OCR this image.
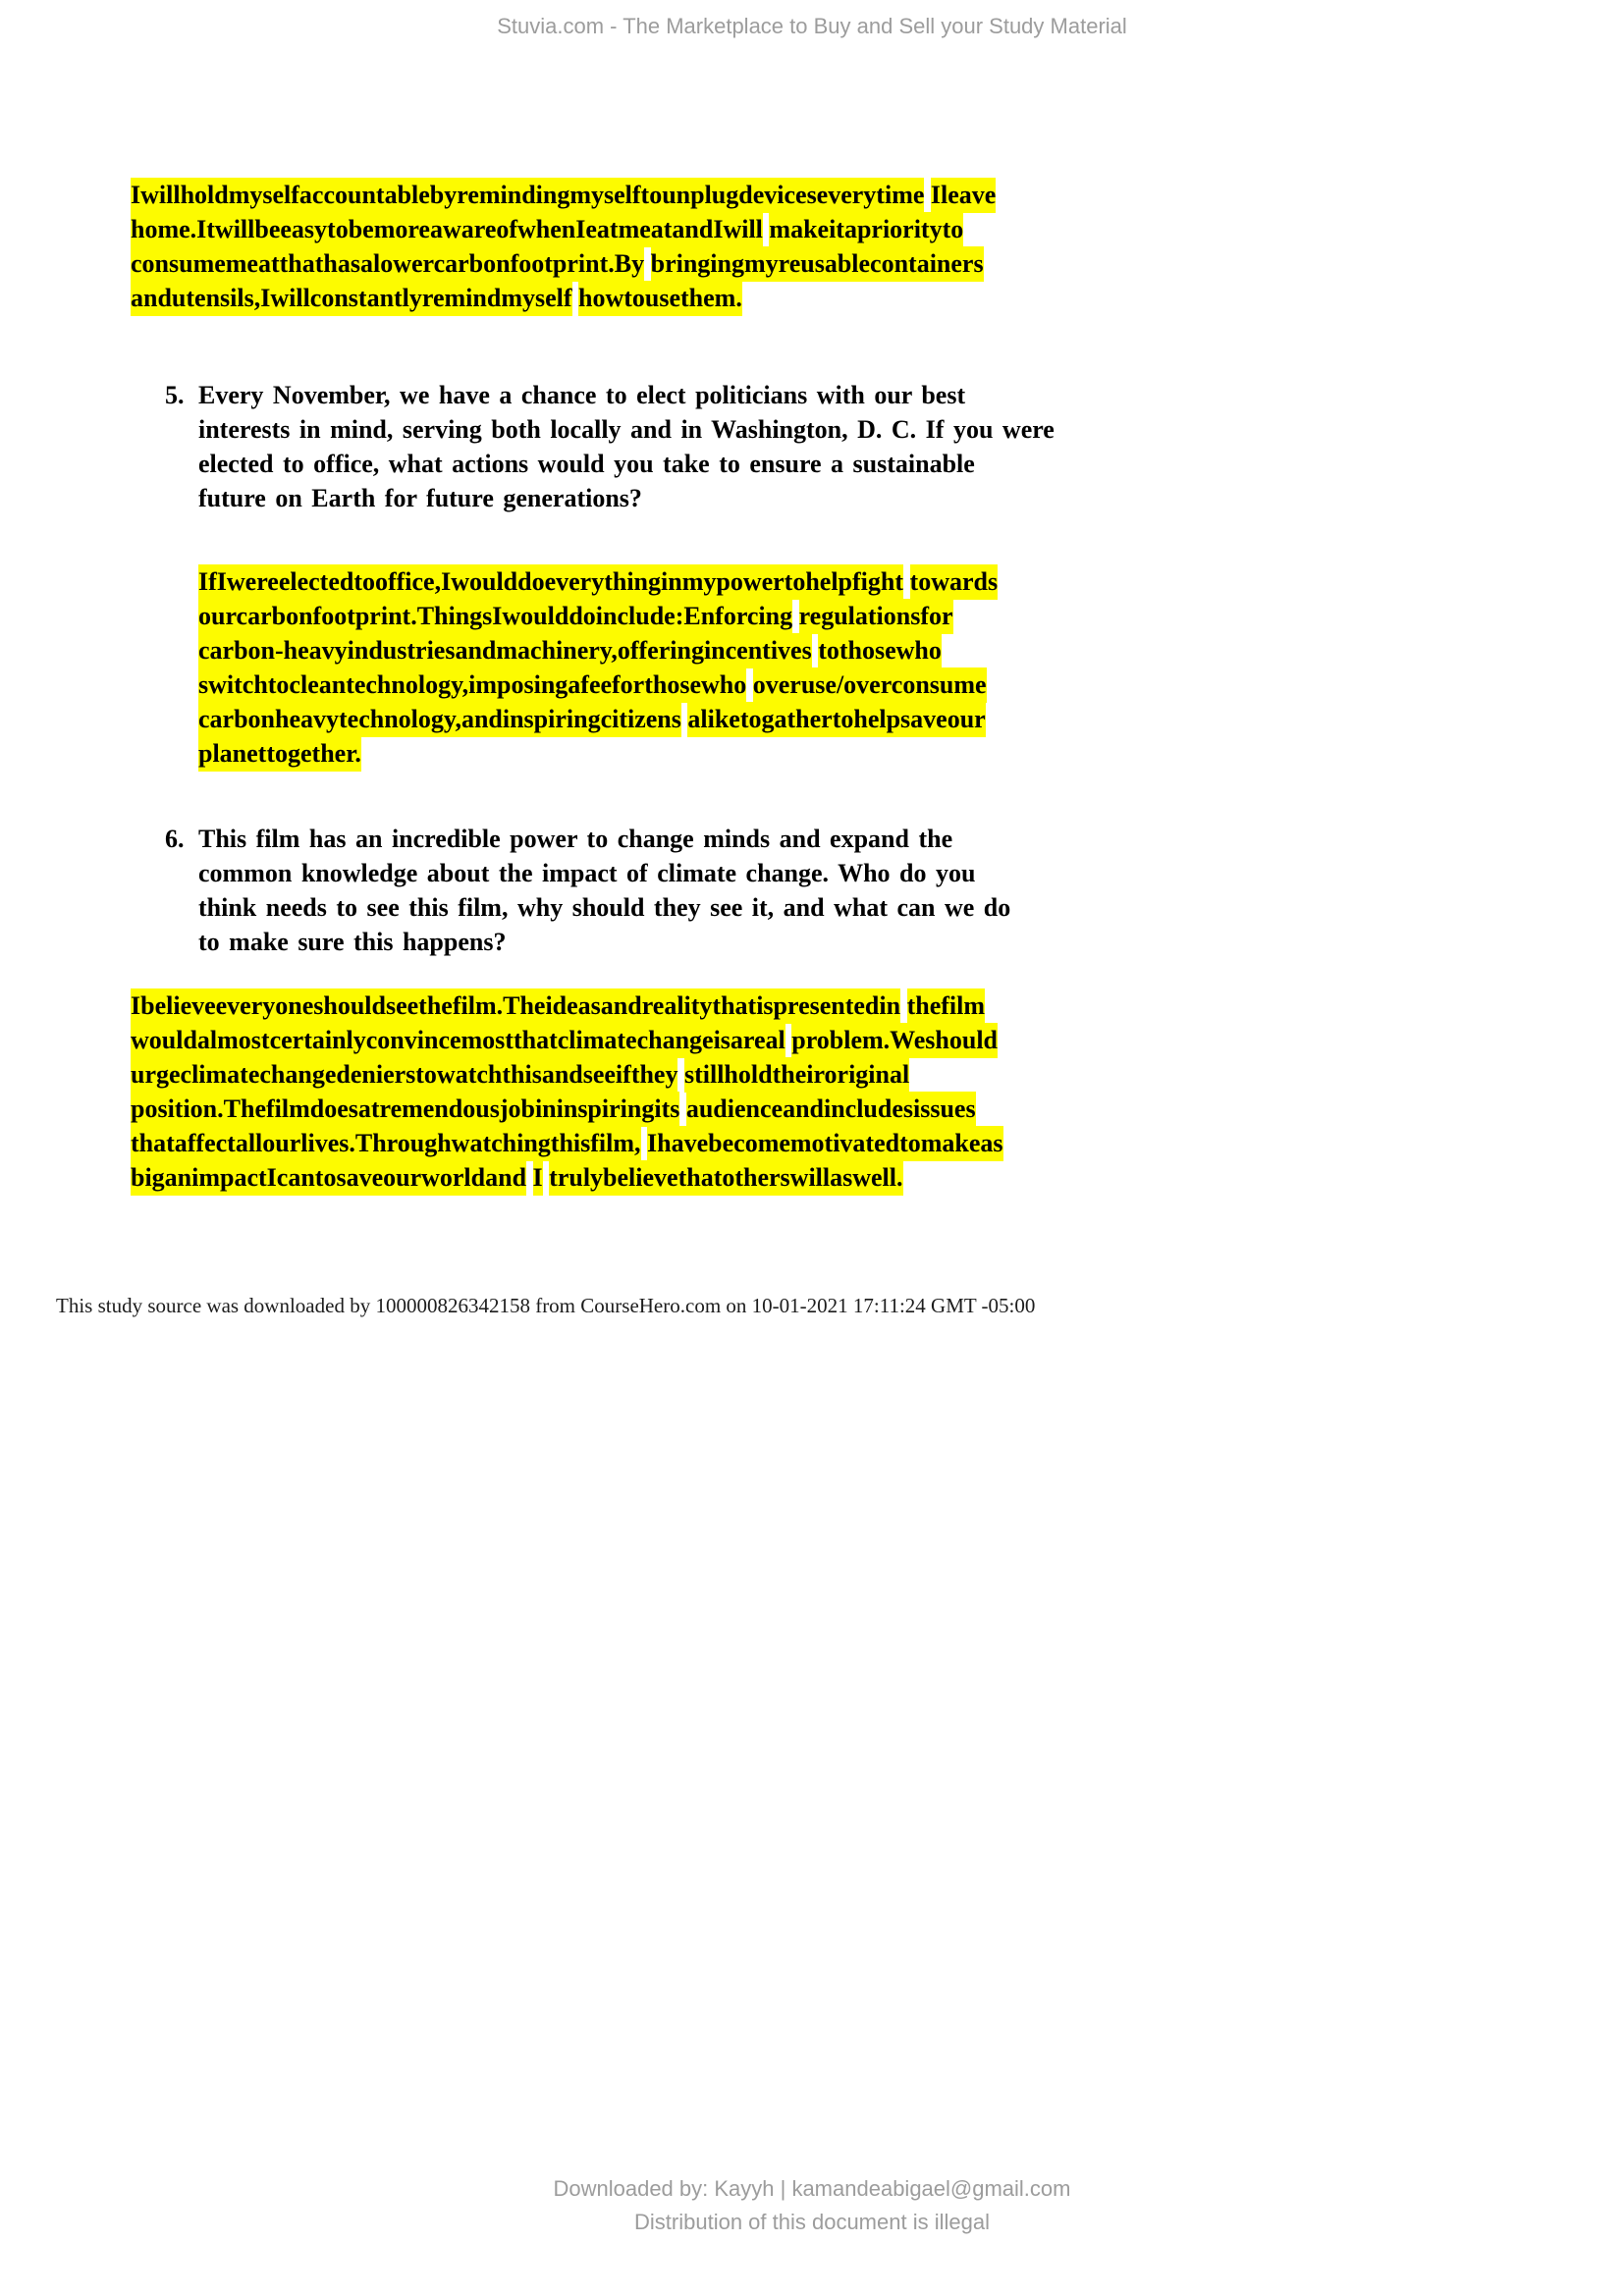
Stuvia.com - The Marketplace to Buy and Sell your Study Material
Iwillholdmyselfaccountablebyremindingmyselftounplugdeviceseverytime Ileave
home.ItwillbeeasytobemoreawareofwhenIeatmeatandIwill makeitapriorityto
consumemeatthathasalowercarbonfootprint.By bringingmyreusablecontainers
andutensils,Iwillconstantlyremindmyself howtousethem.
5. Every November, we have a chance to elect politicians with our best
interests in mind, serving both locally and in Washington, D. C. If you were
elected to office, what actions would you take to ensure a sustainable
future on Earth for future generations?
IfIwereelectedtooffice,Iwoulddoeverythinginmypowertohelpfight towards
ourcarbonfootprint.ThingsIwoulddoinclude:Enforcing regulationsfor
carbon-heavyindustriesandmachinery,offeringincentives tothosewho
switchtocleantechnology,imposingafeeforthosewho overuse/overconsume
carbonheavytechnology,andinspiringcitizens aliketogathertohelpsaveour
planettogether.
6. This film has an incredible power to change minds and expand the
common knowledge about the impact of climate change. Who do you
think needs to see this film, why should they see it, and what can we do
to make sure this happens?
Ibelieveeveryoneshouldseethefilm.Theideasandrealitythatispresentedin thefilm
wouldalmostcertainlyconvincemostthatclimatechangeisareal problem.Weshould
urgeclimatechangedenierstowatchthisandseeifthey stillholdtheiroriginal
position.Thefilmdoesatremendousjobininspiringits audienceandincludesissues
thataffectallourlives.Throughwatchingthisfilm, Ihavebecomemotivatedtomakeas
biganimpactIcantosaveourworldand I trulybelievethatotherswillaswell.
This study source was downloaded by 100000826342158 from CourseHero.com on 10-01-2021 17:11:24 GMT -05:00
Downloaded by: Kayyh | kamandeabigael@gmail.com
Distribution of this document is illegal
